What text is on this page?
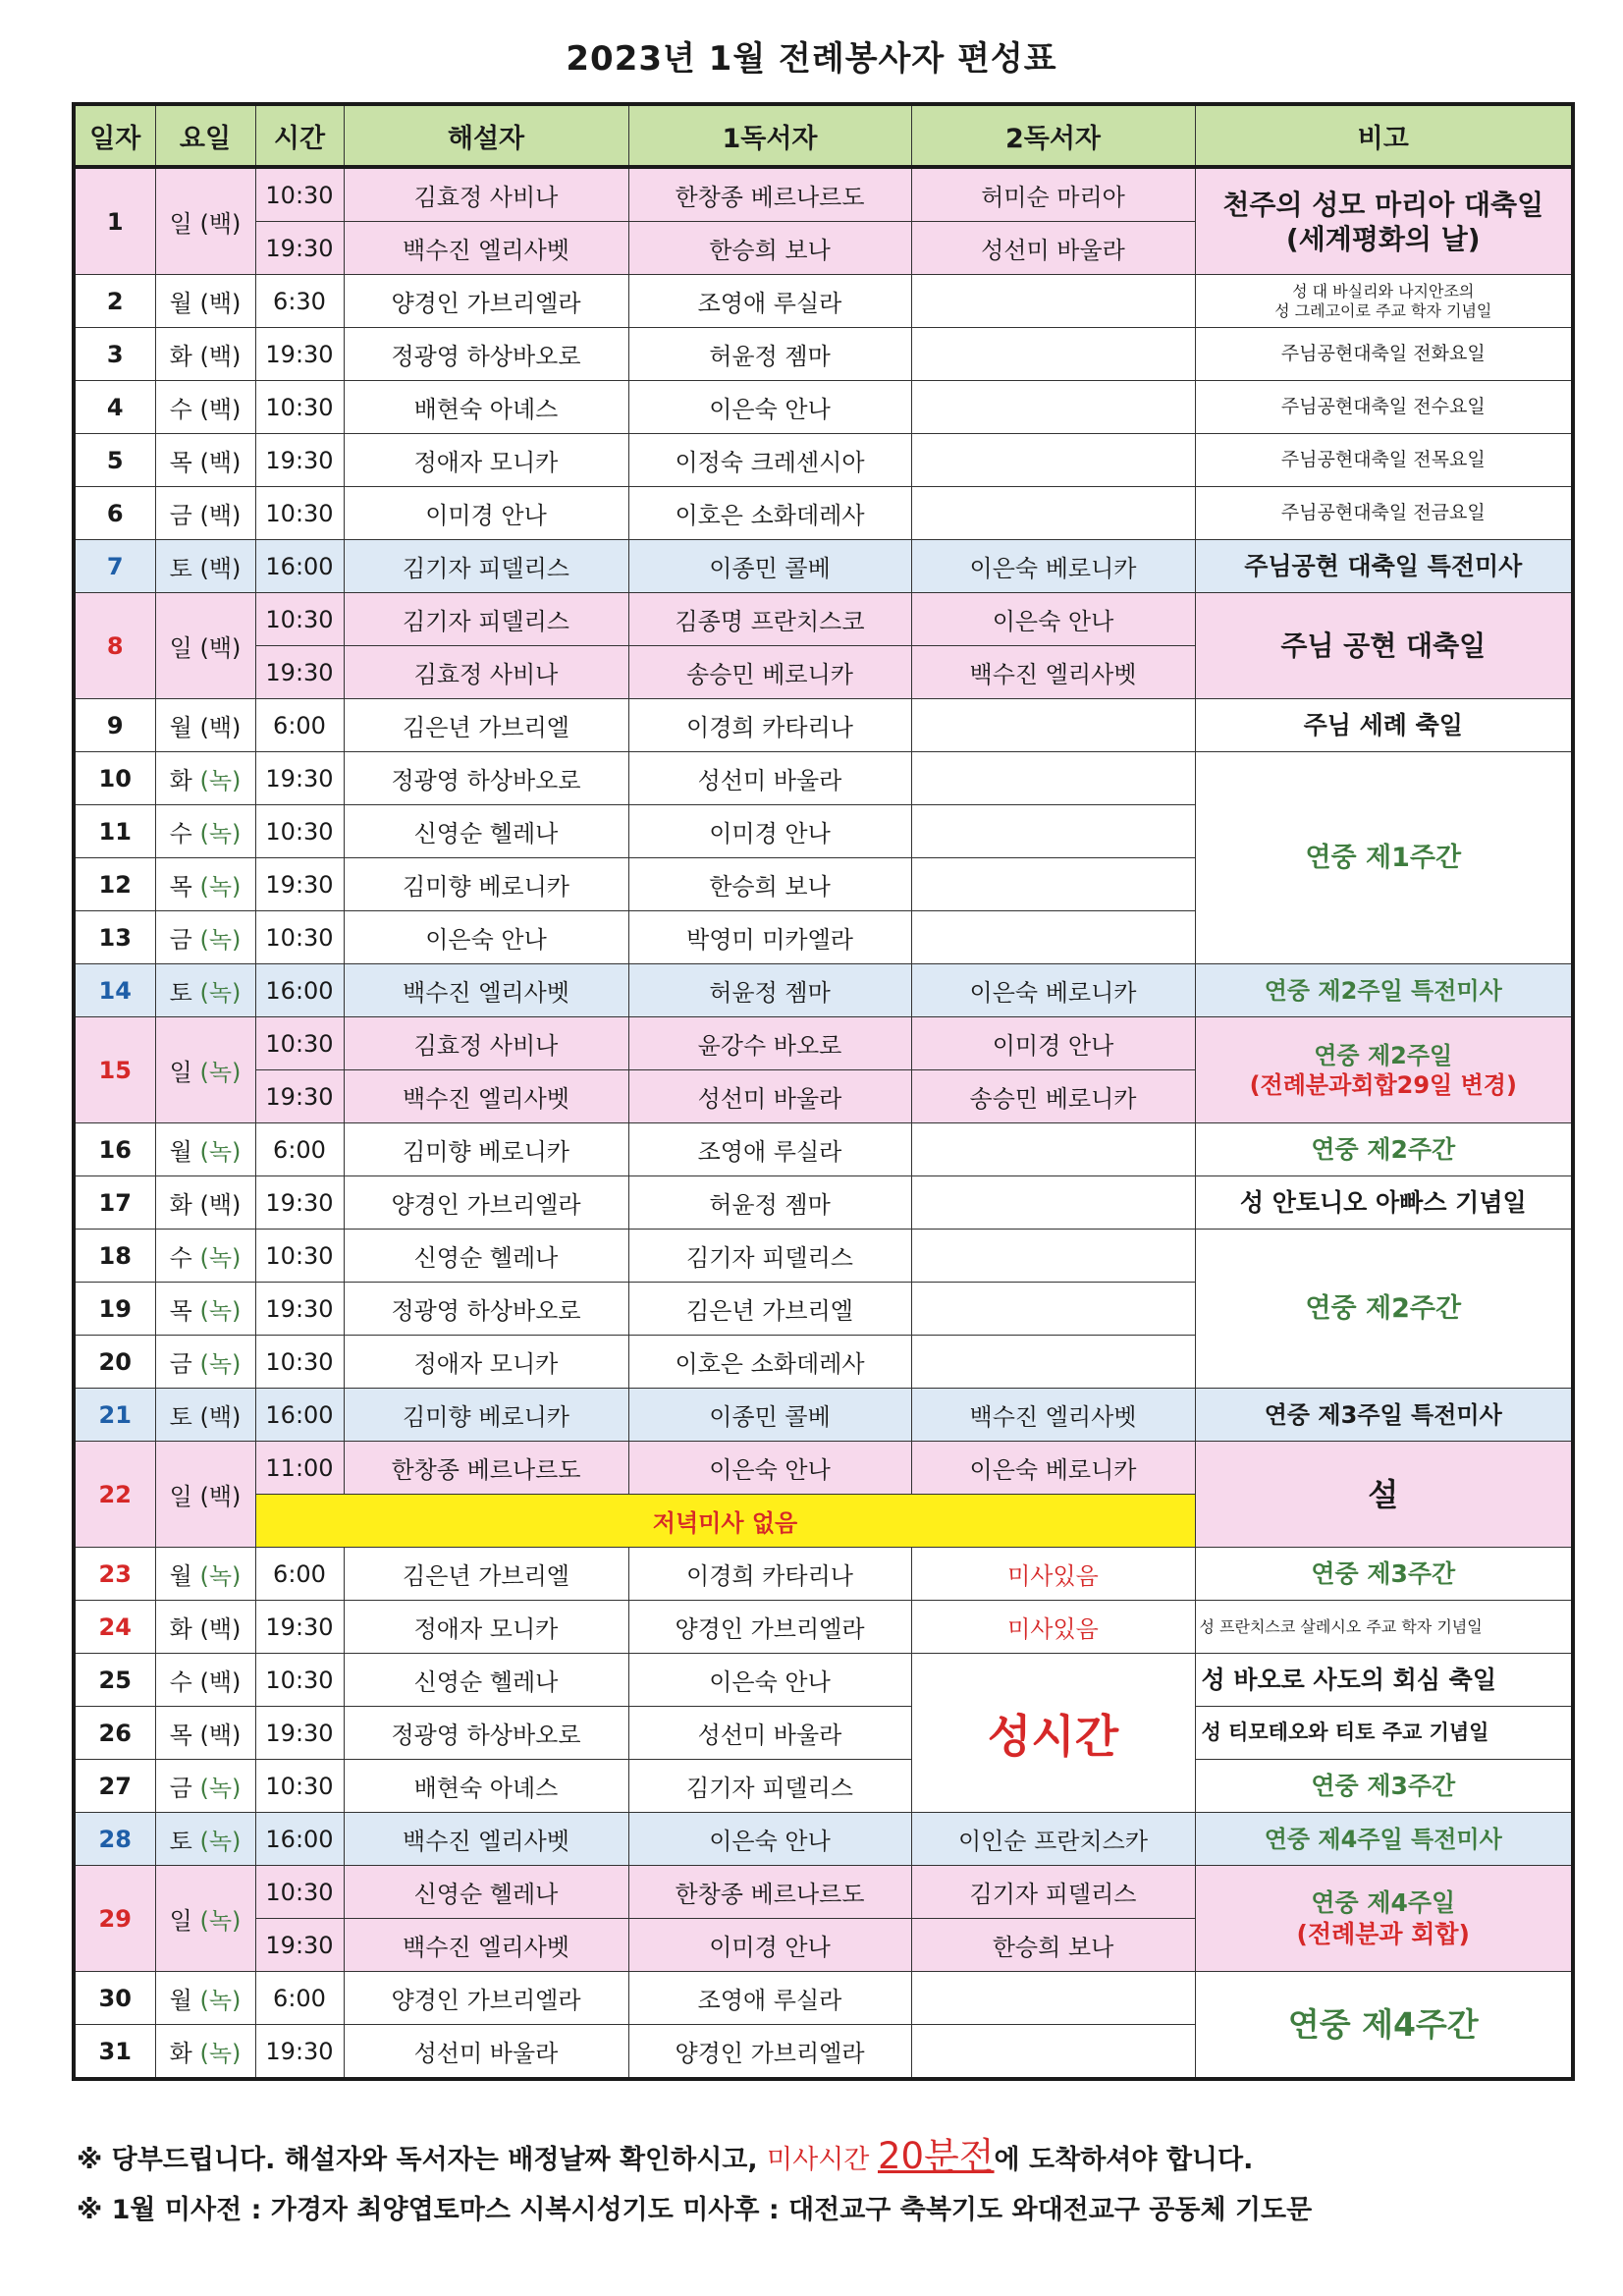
2023년 1월 전례봉사자 편성표
일자	요일	시간	해설자	1독서자	2독서자	비고
1	일 (백)	10:30	김효정 사비나	한창종 베르나르도	허미순 마리아	천주의 성모 마리아 대축일
(세계평화의 날)

		19:30	백수진 엘리사벳	한승희 보나	성선미 바울라	
2	월 (백)	6:30	양경인 가브리엘라	조영애 루실라		성 대 바실리와 나지안조의
성 그레고이로 주교 학자 기념일

3	화 (백)	19:30	정광영 하상바오로	허윤정 젬마		주님공현대축일 전화요일
4	수 (백)	10:30	배현숙 아녜스	이은숙 안나		주님공현대축일 전수요일
5	목 (백)	19:30	정애자 모니카	이정숙 크레센시아		주님공현대축일 전목요일
6	금 (백)	10:30	이미경 안나	이호은 소화데레사		주님공현대축일 전금요일
7	토 (백)	16:00	김기자 피델리스	이종민 콜베	이은숙 베로니카	주님공현 대축일 특전미사
8	일 (백)	10:30	김기자 피델리스	김종명 프란치스코	이은숙 안나	주님 공현 대축일
		19:30	김효정 사비나	송승민 베로니카	백수진 엘리사벳	
9	월 (백)	6:00	김은년 가브리엘	이경희 카타리나		주님 세례 축일
10	화 (녹)	19:30	정광영 하상바오로	성선미 바울라		연중 제1주간
11	수 (녹)	10:30	신영순 헬레나	이미경 안나		
12	목 (녹)	19:30	김미향 베로니카	한승희 보나		
13	금 (녹)	10:30	이은숙 안나	박영미 미카엘라		
14	토 (녹)	16:00	백수진 엘리사벳	허윤정 젬마	이은숙 베로니카	연중 제2주일 특전미사
15	일 (녹)	10:30	김효정 사비나	윤강수 바오로	이미경 안나	연중 제2주일
(전례분과회합29일 변경)

		19:30	백수진 엘리사벳	성선미 바울라	송승민 베로니카	
16	월 (녹)	6:00	김미향 베로니카	조영애 루실라		연중 제2주간
17	화 (백)	19:30	양경인 가브리엘라	허윤정 젬마		성 안토니오 아빠스 기념일
18	수 (녹)	10:30	신영순 헬레나	김기자 피델리스		연중 제2주간
19	목 (녹)	19:30	정광영 하상바오로	김은년 가브리엘		
20	금 (녹)	10:30	정애자 모니카	이호은 소화데레사		
21	토 (백)	16:00	김미향 베로니카	이종민 콜베	백수진 엘리사벳	연중 제3주일 특전미사
22	일 (백)	11:00	한창종 베르나르도	이은숙 안나	이은숙 베로니카	설
		저녁미사 없음				
23	월 (녹)	6:00	김은년 가브리엘	이경희 카타리나	미사있음	연중 제3주간
24	화 (백)	19:30	정애자 모니카	양경인 가브리엘라	미사있음	성 프란치스코 살레시오 주교 학자 기념일
25	수 (백)	10:30	신영순 헬레나	이은숙 안나	성시간	성 바오로 사도의 회심 축일
26	목 (백)	19:30	정광영 하상바오로	성선미 바울라		성 티모테오와 티토 주교 기념일
27	금 (녹)	10:30	배현숙 아녜스	김기자 피델리스		연중 제3주간
28	토 (녹)	16:00	백수진 엘리사벳	이은숙 안나	이인순 프란치스카	연중 제4주일 특전미사
29	일 (녹)	10:30	신영순 헬레나	한창종 베르나르도	김기자 피델리스	연중 제4주일
(전례분과 회합)

		19:30	백수진 엘리사벳	이미경 안나	한승희 보나	
30	월 (녹)	6:00	양경인 가브리엘라	조영애 루실라		연중 제4주간
31	화 (녹)	19:30	성선미 바울라	양경인 가브리엘라		
※ 당부드립니다. 해설자와 독서자는 배정날짜 확인하시고, 미사시간 20분전에 도착하셔야 합니다.
※ 1월 미사전 : 가경자 최양엽토마스 시복시성기도 미사후 : 대전교구 축복기도 와대전교구 공동체 기도문
